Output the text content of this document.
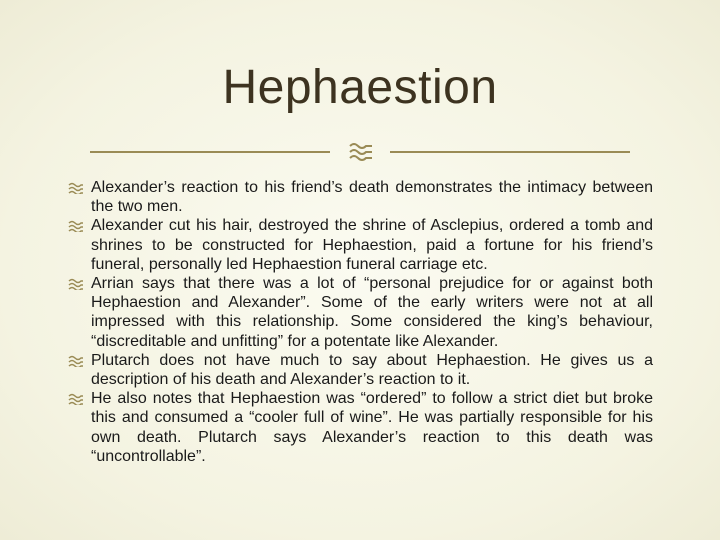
Hephaestion
Alexander’s reaction to his friend’s death demonstrates the intimacy between the two men.
Alexander cut his hair, destroyed the shrine of Asclepius, ordered a tomb and shrines to be constructed for Hephaestion, paid a fortune for his friend’s funeral, personally led Hephaestion funeral carriage etc.
Arrian says that there was a lot of “personal prejudice for or against both Hephaestion and Alexander”. Some of the early writers were not at all impressed with this relationship. Some considered the king’s behaviour, “discreditable and unfitting” for a potentate like Alexander.
Plutarch does not have much to say about Hephaestion. He gives us a description of his death and Alexander’s reaction to it.
He also notes that Hephaestion was “ordered” to follow a strict diet but broke this and consumed a “cooler full of wine”. He was partially responsible for his own death. Plutarch says Alexander’s reaction to this death was “uncontrollable”.
